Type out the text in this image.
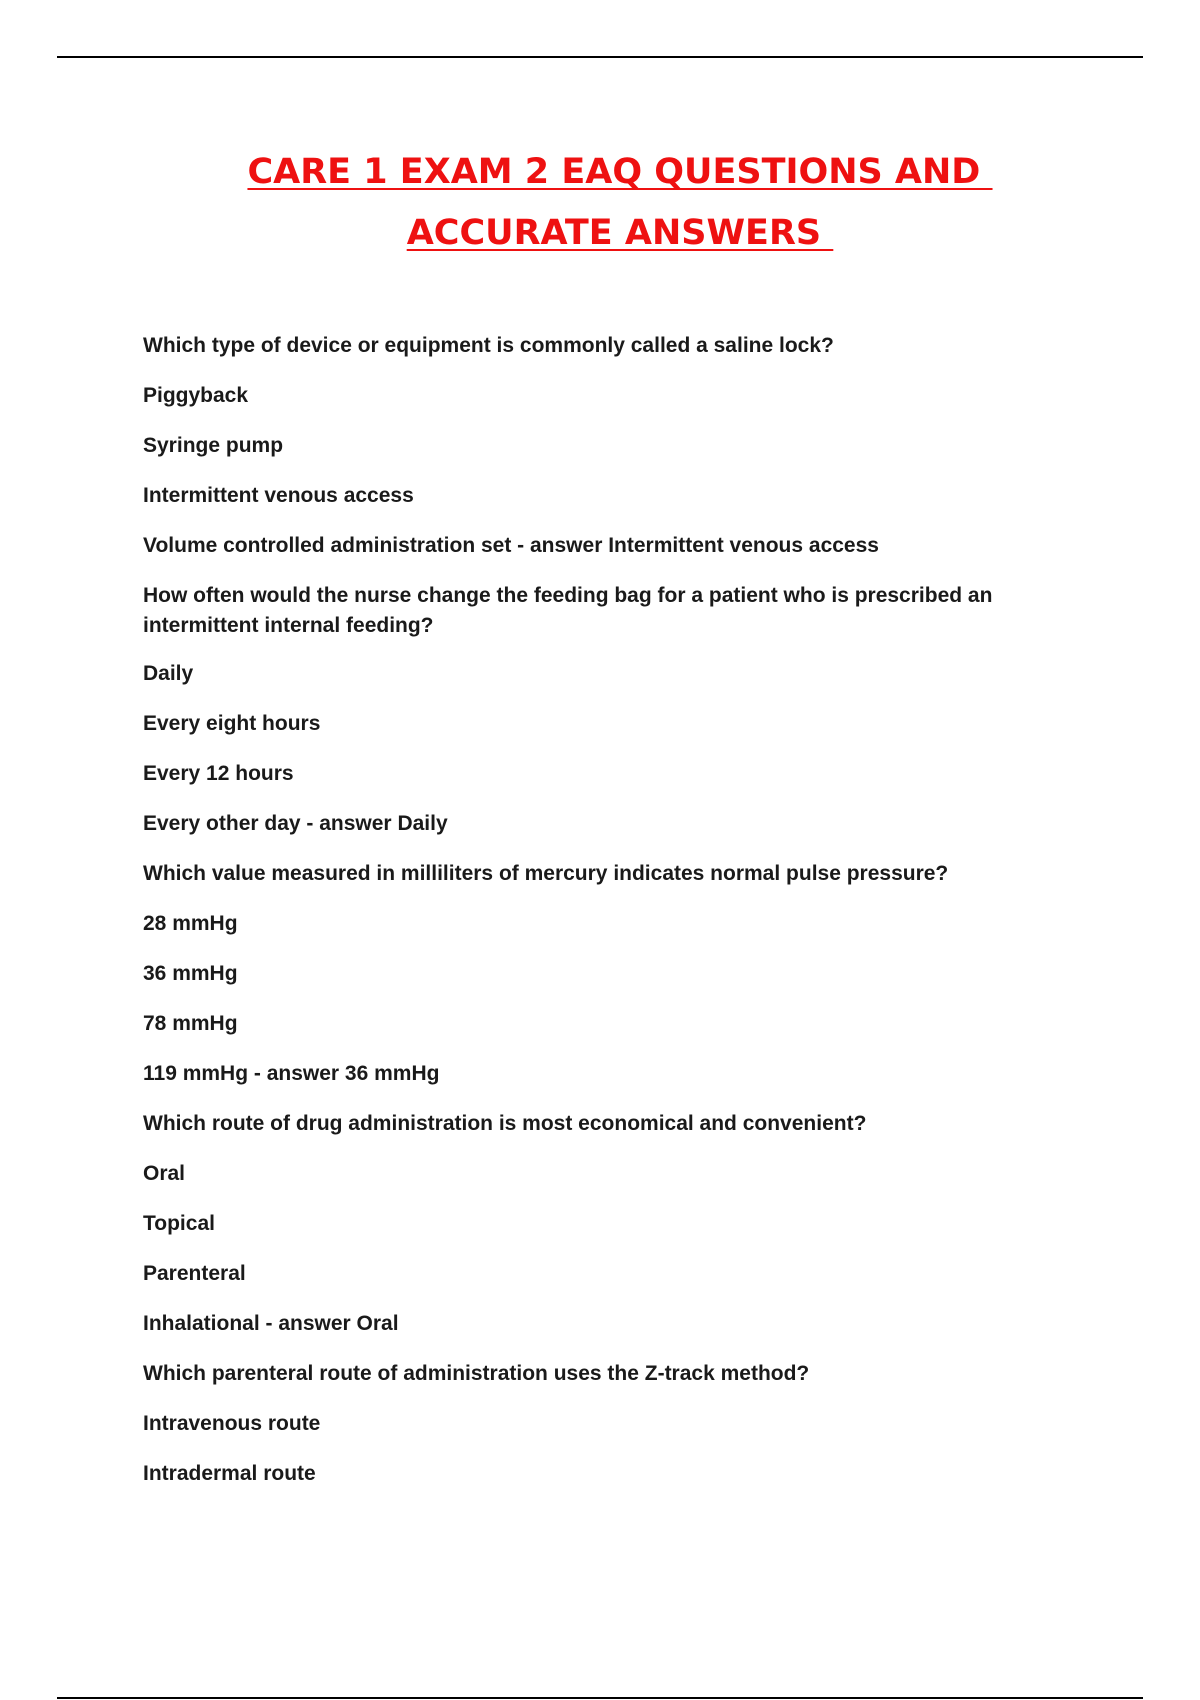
CARE 1 EXAM 2 EAQ QUESTIONS AND
ACCURATE ANSWERS
Which type of device or equipment is commonly called a saline lock?
Piggyback
Syringe pump
Intermittent venous access
Volume controlled administration set - answer Intermittent venous access
How often would the nurse change the feeding bag for a patient who is prescribed an intermittent internal feeding?
Daily
Every eight hours
Every 12 hours
Every other day - answer Daily
Which value measured in milliliters of mercury indicates normal pulse pressure?
28 mmHg
36 mmHg
78 mmHg
119 mmHg - answer 36 mmHg
Which route of drug administration is most economical and convenient?
Oral
Topical
Parenteral
Inhalational - answer Oral
Which parenteral route of administration uses the Z-track method?
Intravenous route
Intradermal route
